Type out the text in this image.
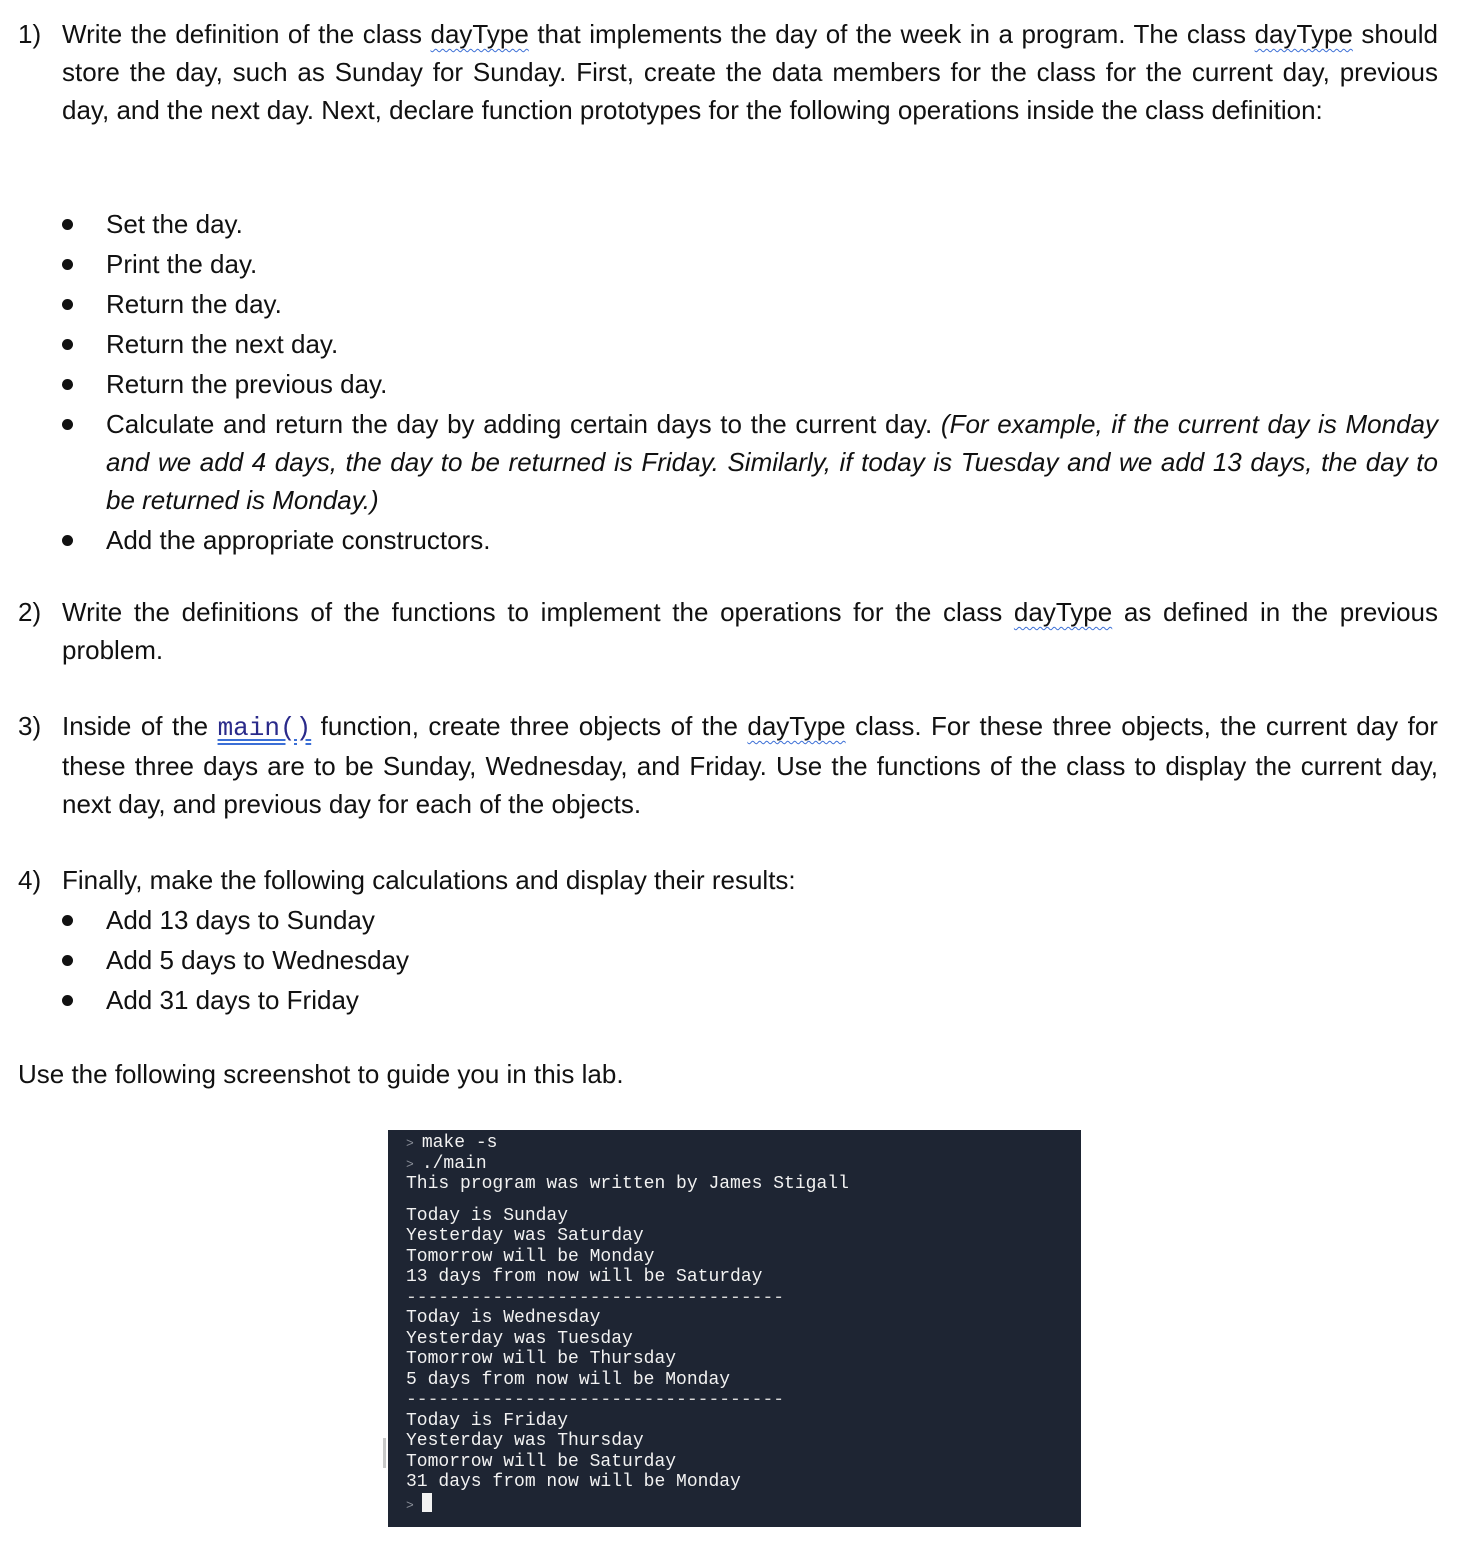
1) Write the definition of the class dayType that implements the day of the week in a program. The class dayType should store the day, such as Sunday for Sunday. First, create the data members for the class for the current day, previous day, and the next day. Next, declare function prototypes for the following operations inside the class definition:
Set the day.
Print the day.
Return the day.
Return the next day.
Return the previous day.
Calculate and return the day by adding certain days to the current day. (For example, if the current day is Monday and we add 4 days, the day to be returned is Friday. Similarly, if today is Tuesday and we add 13 days, the day to be returned is Monday.)
Add the appropriate constructors.
2) Write the definitions of the functions to implement the operations for the class dayType as defined in the previous problem.
3) Inside of the main() function, create three objects of the dayType class. For these three objects, the current day for these three days are to be Sunday, Wednesday, and Friday. Use the functions of the class to display the current day, next day, and previous day for each of the objects.
4) Finally, make the following calculations and display their results:
Add 13 days to Sunday
Add 5 days to Wednesday
Add 31 days to Friday
Use the following screenshot to guide you in this lab.
> make -s
> ./main
This program was written by James Stigall
Today is Sunday
Yesterday was Saturday
Tomorrow will be Monday
13 days from now will be Saturday
-----------------------------------
Today is Wednesday
Yesterday was Tuesday
Tomorrow will be Thursday
5 days from now will be Monday
-----------------------------------
Today is Friday
Yesterday was Thursday
Tomorrow will be Saturday
31 days from now will be Monday
>
